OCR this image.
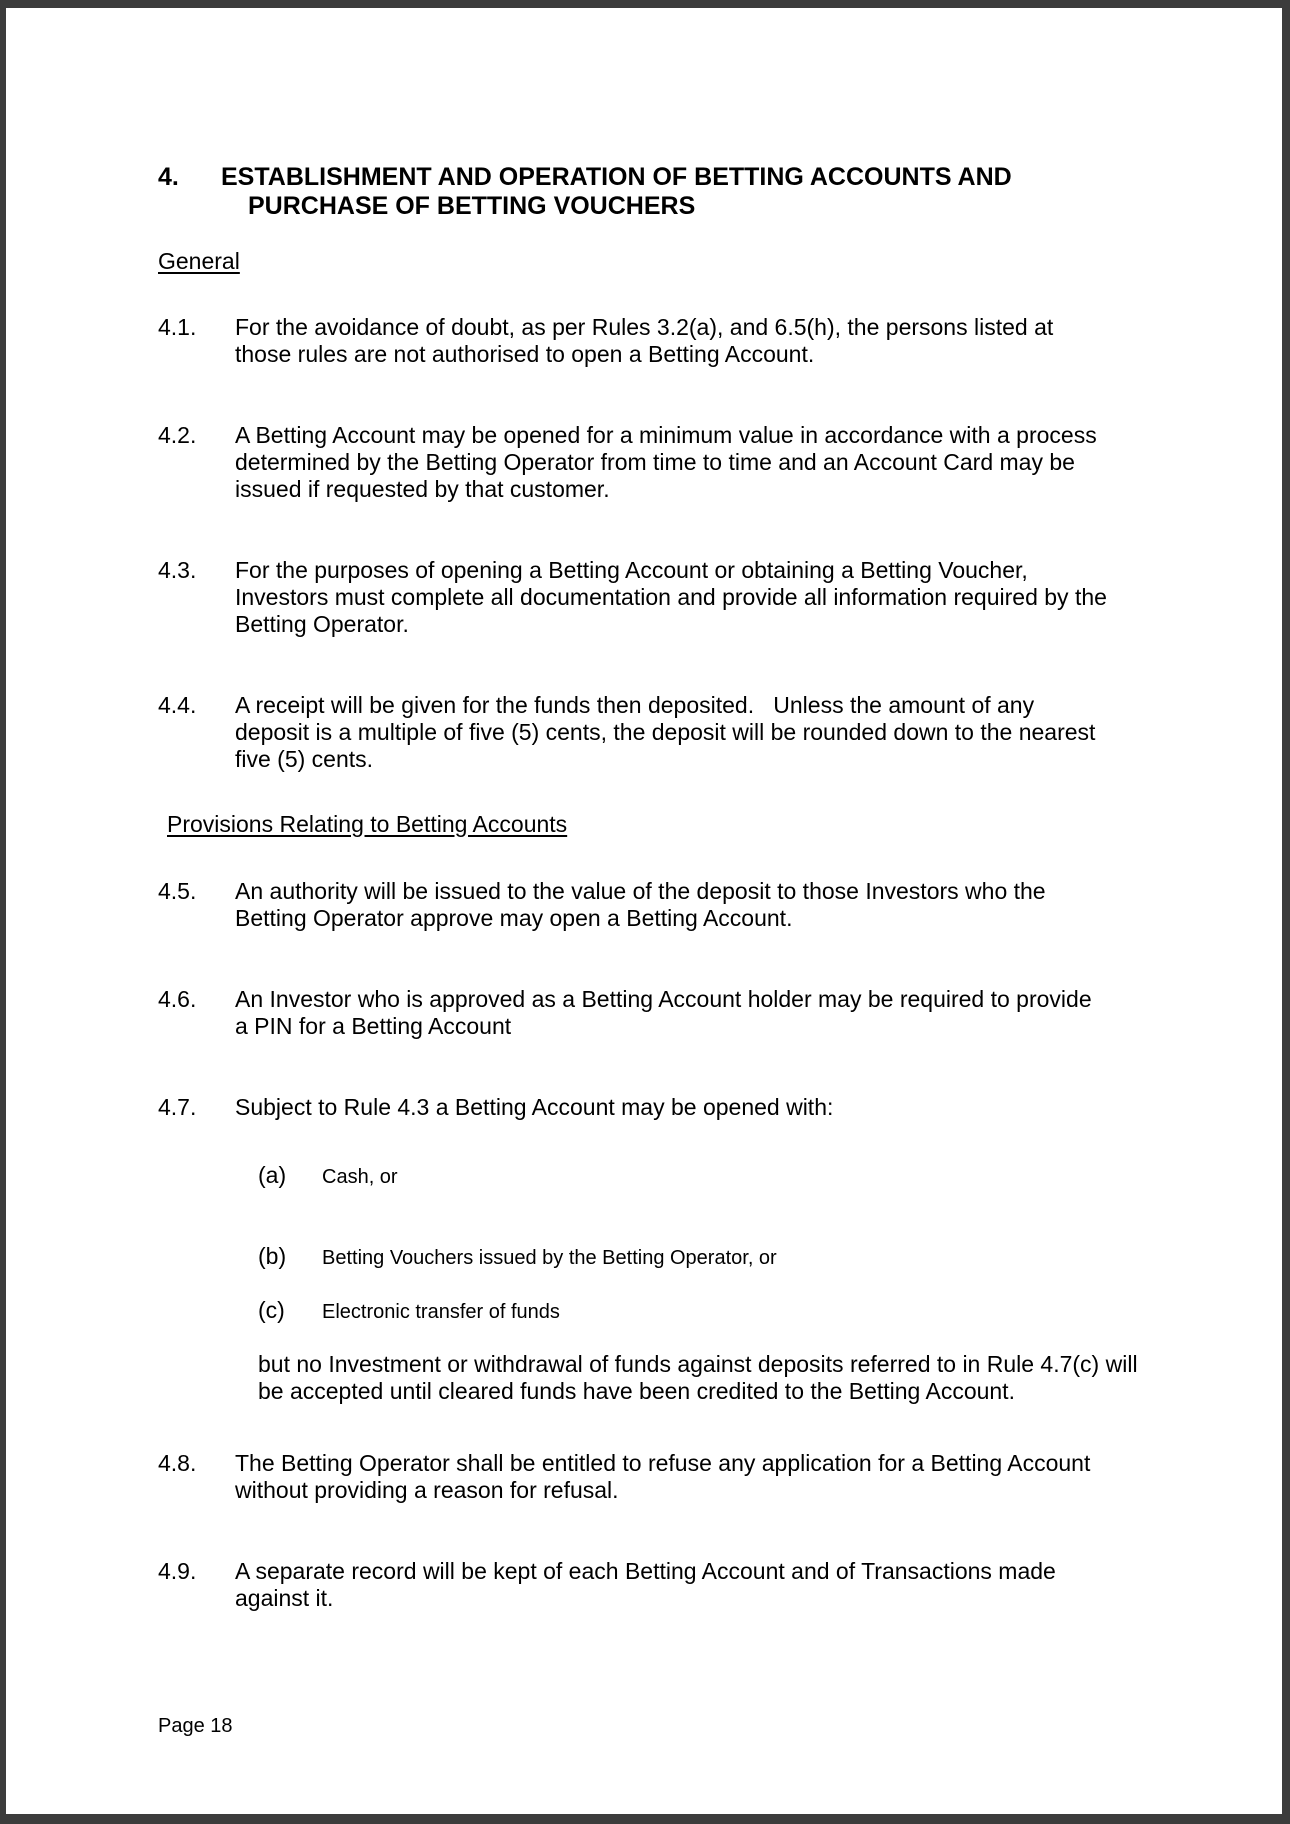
4. ESTABLISHMENT AND OPERATION OF BETTING ACCOUNTS AND
PURCHASE OF BETTING VOUCHERS
General
4.1. For the avoidance of doubt, as per Rules 3.2(a), and 6.5(h), the persons listed at
those rules are not authorised to open a Betting Account.
4.2. A Betting Account may be opened for a minimum value in accordance with a process
determined by the Betting Operator from time to time and an Account Card may be
issued if requested by that customer.
4.3. For the purposes of opening a Betting Account or obtaining a Betting Voucher,
Investors must complete all documentation and provide all information required by the
Betting Operator.
4.4. A receipt will be given for the funds then deposited.   Unless the amount of any
deposit is a multiple of five (5) cents, the deposit will be rounded down to the nearest
five (5) cents.
Provisions Relating to Betting Accounts
4.5. An authority will be issued to the value of the deposit to those Investors who the
Betting Operator approve may open a Betting Account.
4.6. An Investor who is approved as a Betting Account holder may be required to provide
a PIN for a Betting Account
4.7. Subject to Rule 4.3 a Betting Account may be opened with:
(a) Cash, or
(b) Betting Vouchers issued by the Betting Operator, or
(c) Electronic transfer of funds
but no Investment or withdrawal of funds against deposits referred to in Rule 4.7(c) will
be accepted until cleared funds have been credited to the Betting Account.
4.8. The Betting Operator shall be entitled to refuse any application for a Betting Account
without providing a reason for refusal.
4.9. A separate record will be kept of each Betting Account and of Transactions made
against it.
Page 18
